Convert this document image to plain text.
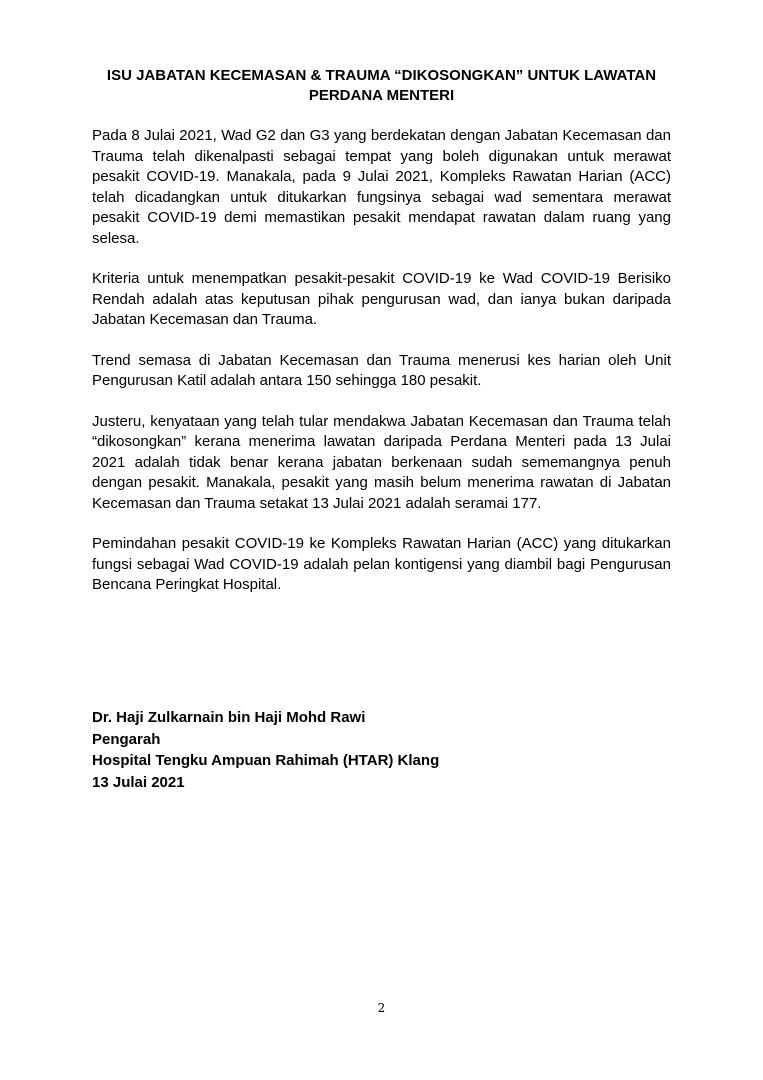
ISU JABATAN KECEMASAN & TRAUMA “DIKOSONGKAN” UNTUK LAWATAN PERDANA MENTERI

Pada 8 Julai 2021, Wad G2 dan G3 yang berdekatan dengan Jabatan Kecemasan dan Trauma telah dikenalpasti sebagai tempat yang boleh digunakan untuk merawat pesakit COVID-19. Manakala, pada 9 Julai 2021, Kompleks Rawatan Harian (ACC) telah dicadangkan untuk ditukarkan fungsinya sebagai wad sementara merawat pesakit COVID-19 demi memastikan pesakit mendapat rawatan dalam ruang yang selesa.

Kriteria untuk menempatkan pesakit-pesakit COVID-19 ke Wad COVID-19 Berisiko Rendah adalah atas keputusan pihak pengurusan wad, dan ianya bukan daripada Jabatan Kecemasan dan Trauma.

Trend semasa di Jabatan Kecemasan dan Trauma menerusi kes harian oleh Unit Pengurusan Katil adalah antara 150 sehingga 180 pesakit.

Justeru, kenyataan yang telah tular mendakwa Jabatan Kecemasan dan Trauma telah “dikosongkan” kerana menerima lawatan daripada Perdana Menteri pada 13 Julai 2021 adalah tidak benar kerana jabatan berkenaan sudah sememangnya penuh dengan pesakit. Manakala, pesakit yang masih belum menerima rawatan di Jabatan Kecemasan dan Trauma setakat 13 Julai 2021 adalah seramai 177.

Pemindahan pesakit COVID-19 ke Kompleks Rawatan Harian (ACC) yang ditukarkan fungsi sebagai Wad COVID-19 adalah pelan kontigensi yang diambil bagi Pengurusan Bencana Peringkat Hospital.

Dr. Haji Zulkarnain bin Haji Mohd Rawi
Pengarah
Hospital Tengku Ampuan Rahimah (HTAR) Klang
13 Julai 2021
2
